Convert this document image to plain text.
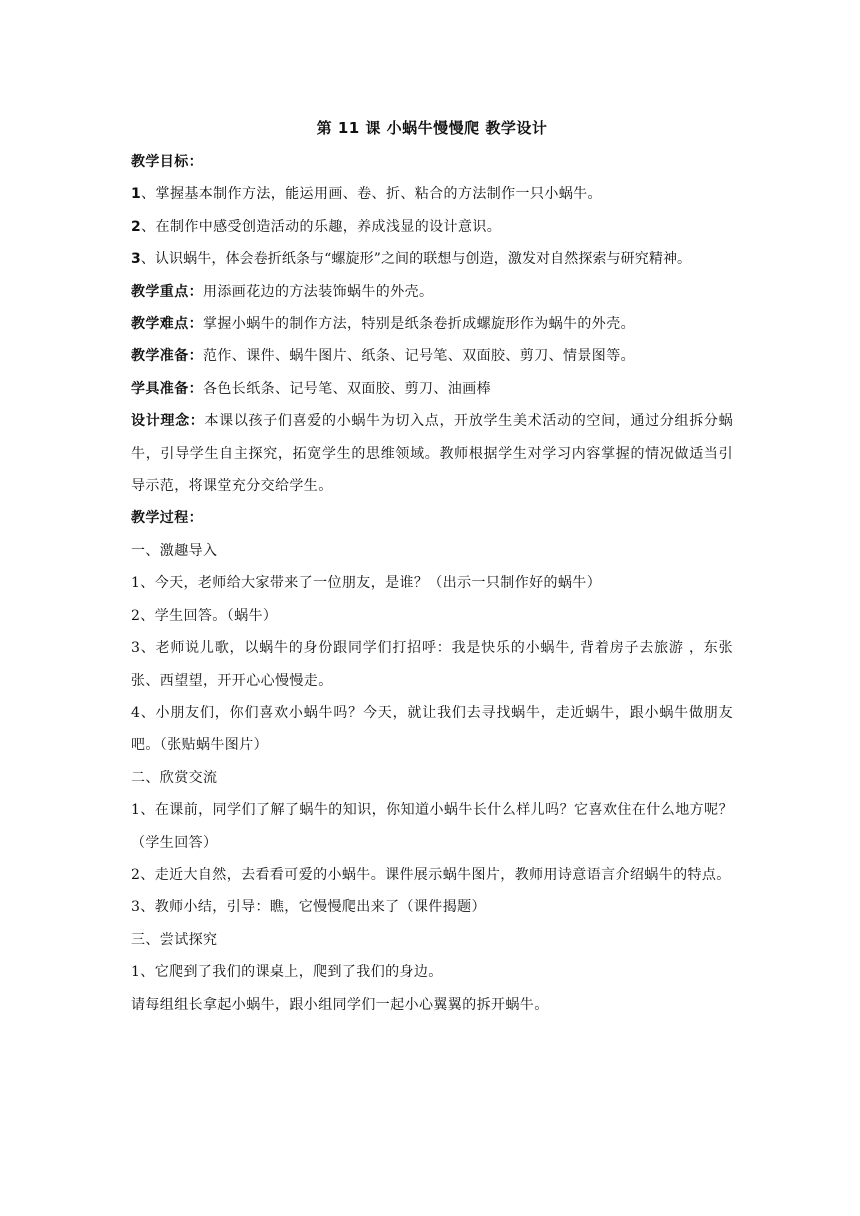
第 11 课 小蜗牛慢慢爬 教学设计

教学目标：

1、掌握基本制作方法，能运用画、卷、折、粘合的方法制作一只小蜗牛。

2、在制作中感受创造活动的乐趣，养成浅显的设计意识。

3、认识蜗牛，体会卷折纸条与“螺旋形”之间的联想与创造，激发对自然探索与研究精神。

教学重点：用添画花边的方法装饰蜗牛的外壳。

教学难点：掌握小蜗牛的制作方法，特别是纸条卷折成螺旋形作为蜗牛的外壳。

教学准备：范作、课件、蜗牛图片、纸条、记号笔、双面胶、剪刀、情景图等。

学具准备：各色长纸条、记号笔、双面胶、剪刀、油画棒

设计理念：本课以孩子们喜爱的小蜗牛为切入点，开放学生美术活动的空间，通过分组拆分蜗牛，引导学生自主探究，拓宽学生的思维领域。教师根据学生对学习内容掌握的情况做适当引导示范，将课堂充分交给学生。

教学过程：

一、激趣导入

1、今天，老师给大家带来了一位朋友，是谁？（出示一只制作好的蜗牛）

2、学生回答。（蜗牛）

3、老师说儿歌，以蜗牛的身份跟同学们打招呼：我是快乐的小蜗牛, 背着房子去旅游 ，东张张、西望望，开开心心慢慢走。

4、小朋友们，你们喜欢小蜗牛吗？今天，就让我们去寻找蜗牛，走近蜗牛，跟小蜗牛做朋友吧。（张贴蜗牛图片）

二、欣赏交流

1、在课前，同学们了解了蜗牛的知识，你知道小蜗牛长什么样儿吗？它喜欢住在什么地方呢？（学生回答）

2、走近大自然，去看看可爱的小蜗牛。课件展示蜗牛图片，教师用诗意语言介绍蜗牛的特点。

3、教师小结，引导：瞧，它慢慢爬出来了（课件揭题）

三、尝试探究

1、它爬到了我们的课桌上，爬到了我们的身边。

请每组组长拿起小蜗牛，跟小组同学们一起小心翼翼的拆开蜗牛。
